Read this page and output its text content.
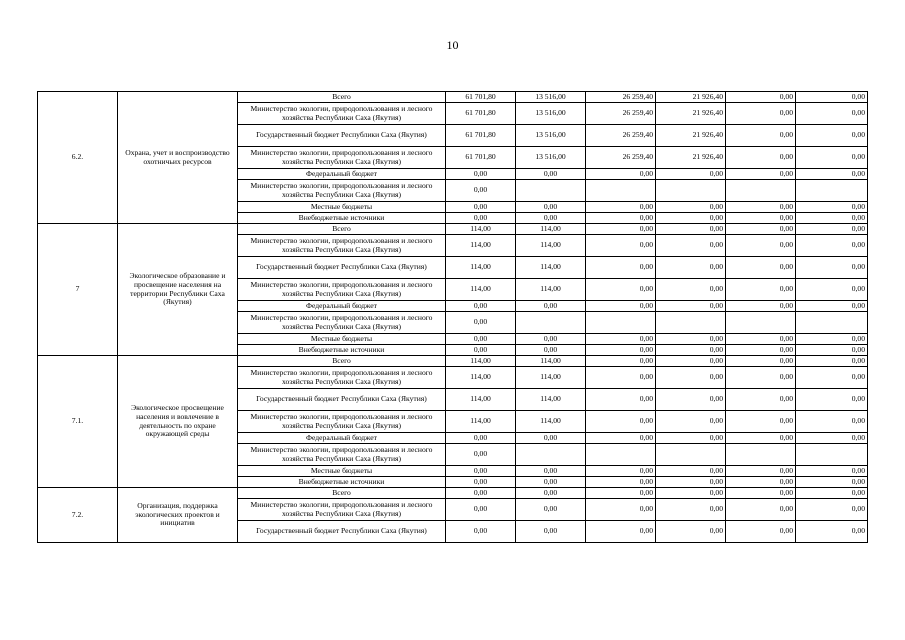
10
6.2.	Охрана, учет и воспроизводство охотничьих ресурсов	Всего	61 701,80	13 516,00	26 259,40	21 926,40	0,00	0,00
		Министерство экологии, природопользования и лесного хозяйства Республики Саха (Якутия)	61 701,80	13 516,00	26 259,40	21 926,40	0,00	0,00
		Государственный бюджет Республики Саха (Якутия)	61 701,80	13 516,00	26 259,40	21 926,40	0,00	0,00
		Министерство экологии, природопользования и лесного хозяйства Республики Саха (Якутия)	61 701,80	13 516,00	26 259,40	21 926,40	0,00	0,00
		Федеральный бюджет	0,00	0,00	0,00	0,00	0,00	0,00
		Министерство экологии, природопользования и лесного хозяйства Республики Саха (Якутия)	0,00					
		Местные бюджеты	0,00	0,00	0,00	0,00	0,00	0,00
		Внебюджетные источники	0,00	0,00	0,00	0,00	0,00	0,00
7	Экологическое образование и просвещение населения на территории Республики Саха (Якутия)	Всего	114,00	114,00	0,00	0,00	0,00	0,00
		Министерство экологии, природопользования и лесного хозяйства Республики Саха (Якутия)	114,00	114,00	0,00	0,00	0,00	0,00
		Государственный бюджет Республики Саха (Якутия)	114,00	114,00	0,00	0,00	0,00	0,00
		Министерство экологии, природопользования и лесного хозяйства Республики Саха (Якутия)	114,00	114,00	0,00	0,00	0,00	0,00
		Федеральный бюджет	0,00	0,00	0,00	0,00	0,00	0,00
		Министерство экологии, природопользования и лесного хозяйства Республики Саха (Якутия)	0,00					
		Местные бюджеты	0,00	0,00	0,00	0,00	0,00	0,00
		Внебюджетные источники	0,00	0,00	0,00	0,00	0,00	0,00
7.1.	Экологическое просвещение населения и вовлечение в деятельность по охране окружающей среды	Всего	114,00	114,00	0,00	0,00	0,00	0,00
		Министерство экологии, природопользования и лесного хозяйства Республики Саха (Якутия)	114,00	114,00	0,00	0,00	0,00	0,00
		Государственный бюджет Республики Саха (Якутия)	114,00	114,00	0,00	0,00	0,00	0,00
		Министерство экологии, природопользования и лесного хозяйства Республики Саха (Якутия)	114,00	114,00	0,00	0,00	0,00	0,00
		Федеральный бюджет	0,00	0,00	0,00	0,00	0,00	0,00
		Министерство экологии, природопользования и лесного хозяйства Республики Саха (Якутия)	0,00					
		Местные бюджеты	0,00	0,00	0,00	0,00	0,00	0,00
		Внебюджетные источники	0,00	0,00	0,00	0,00	0,00	0,00
7.2.	Организация, поддержка экологических проектов и инициатив	Всего	0,00	0,00	0,00	0,00	0,00	0,00
		Министерство экологии, природопользования и лесного хозяйства Республики Саха (Якутия)	0,00	0,00	0,00	0,00	0,00	0,00
		Государственный бюджет Республики Саха (Якутия)	0,00	0,00	0,00	0,00	0,00	0,00
